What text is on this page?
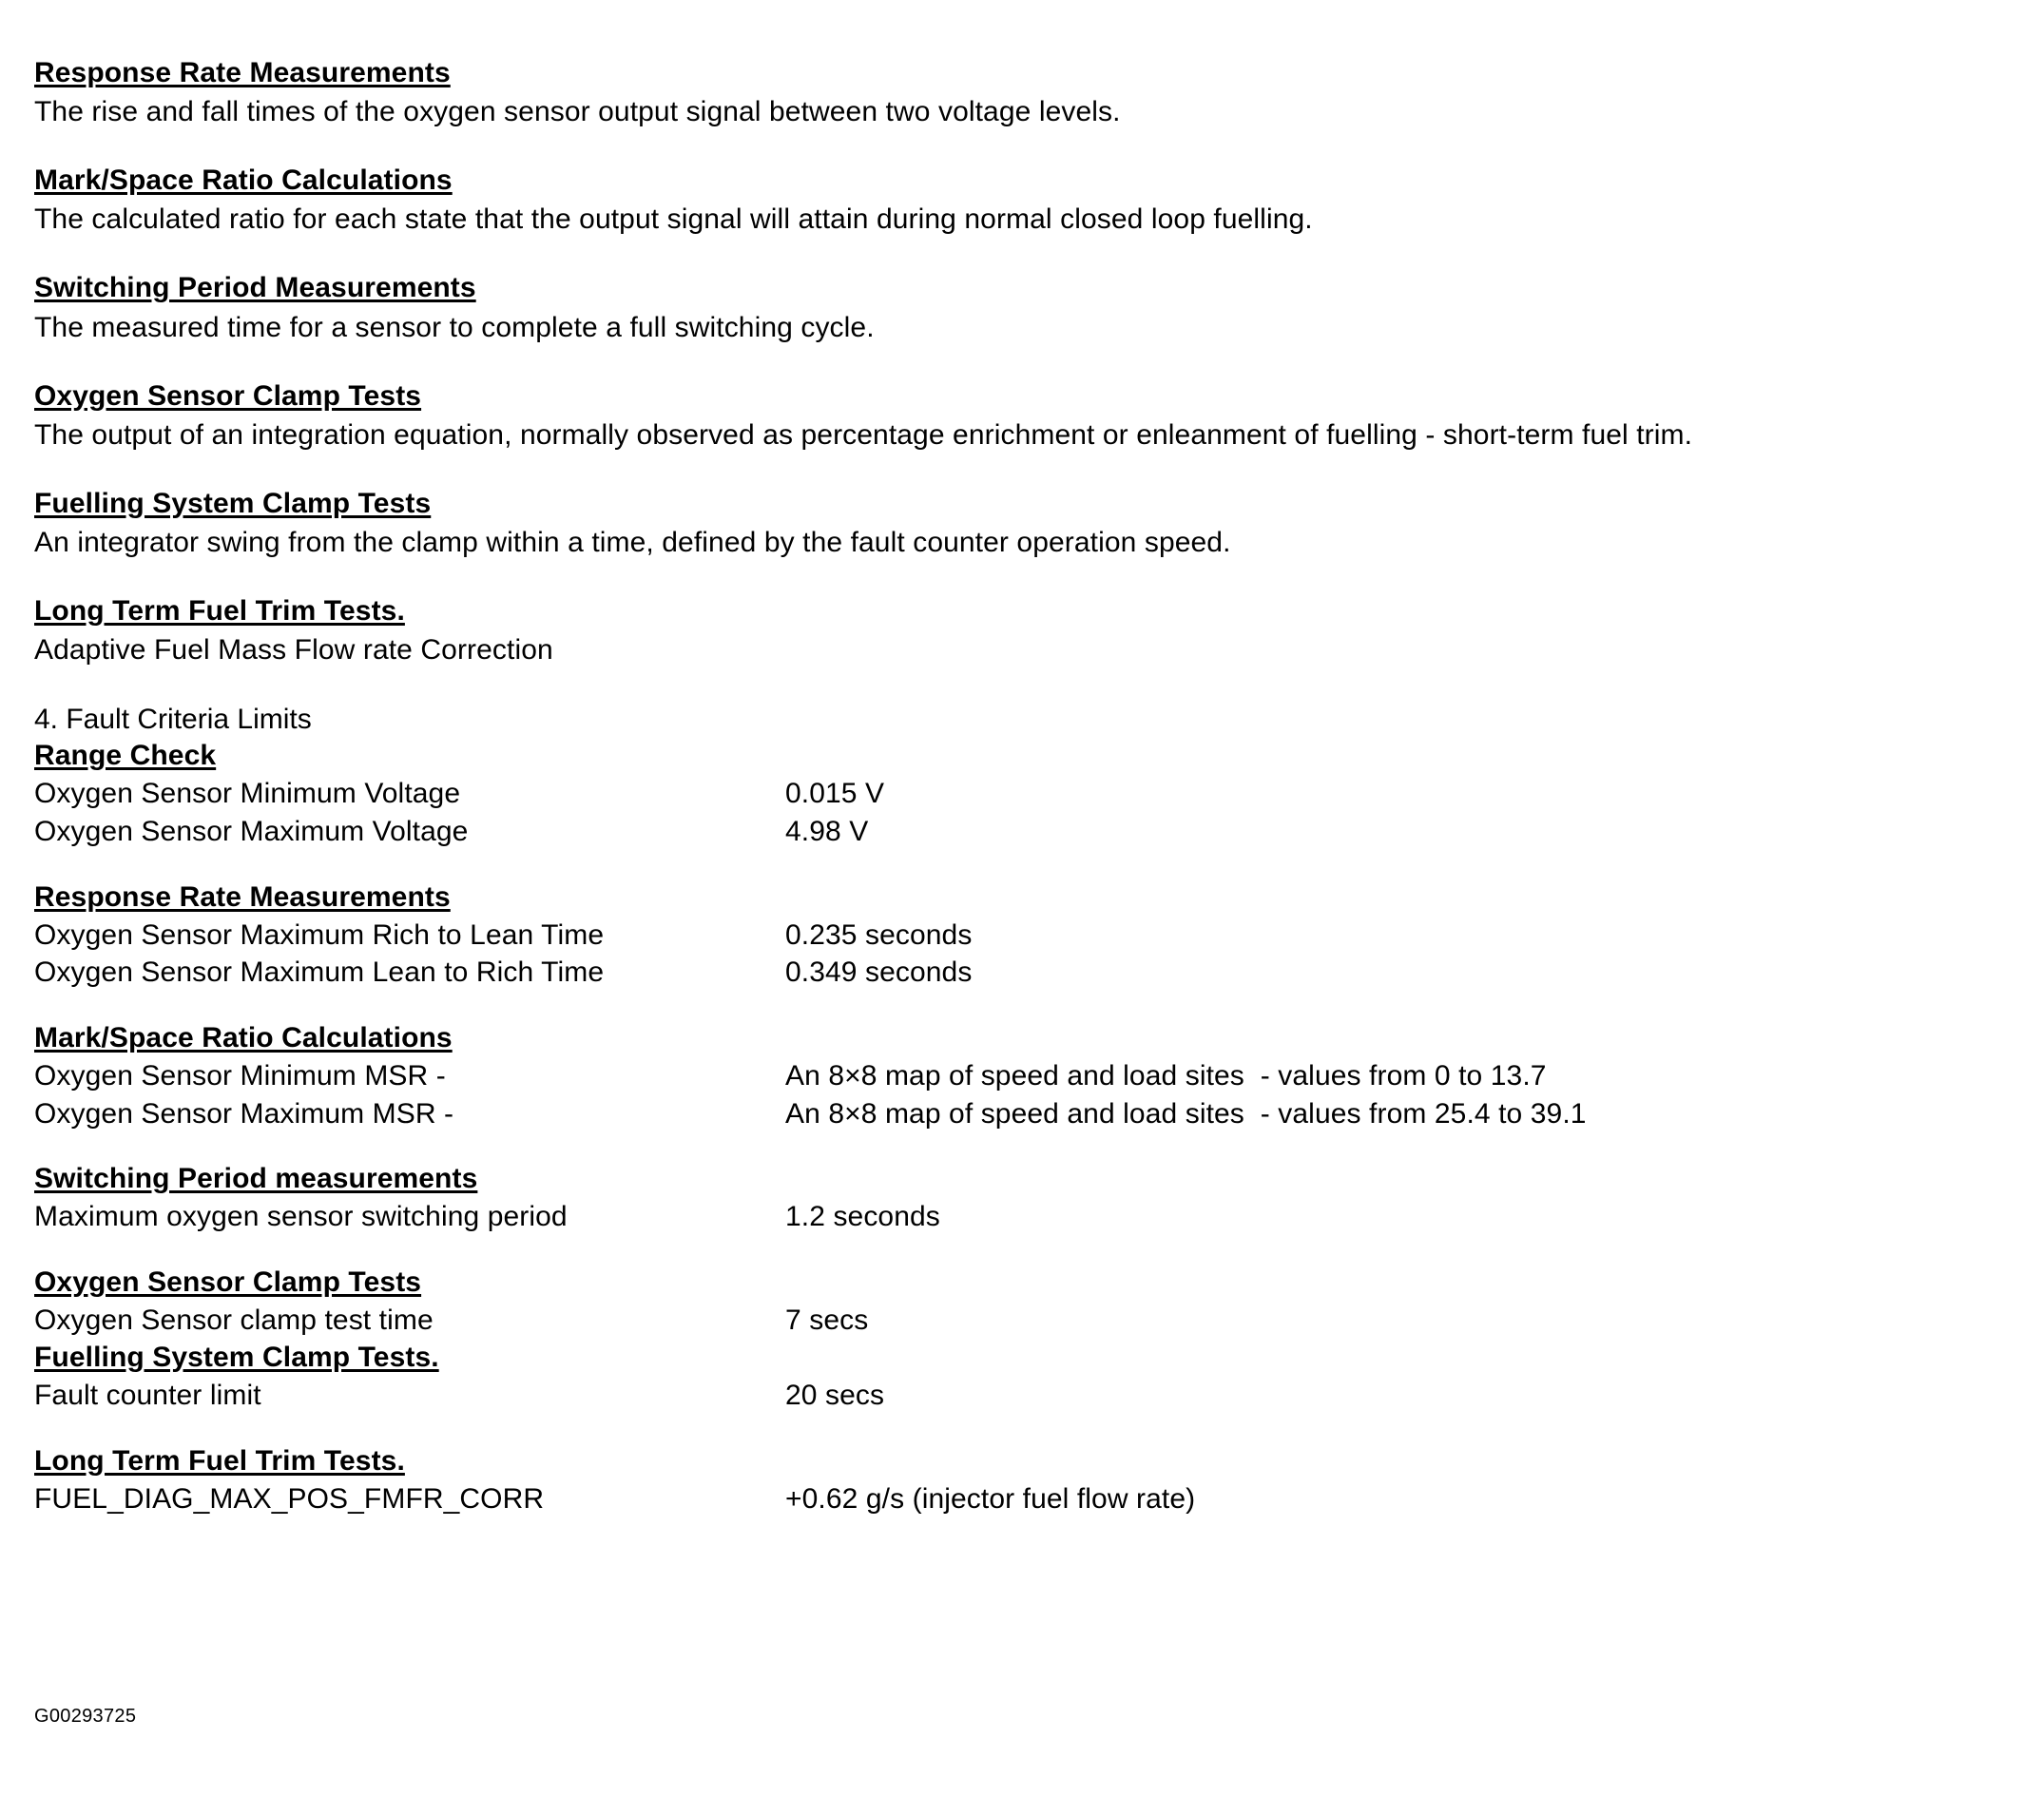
Response Rate Measurements
The rise and fall times of the oxygen sensor output signal between two voltage levels.
Mark/Space Ratio Calculations
The calculated ratio for each state that the output signal will attain during normal closed loop fuelling.
Switching Period Measurements
The measured time for a sensor to complete a full switching cycle.
Oxygen Sensor Clamp Tests
The output of an integration equation, normally observed as percentage enrichment or enleanment of fuelling - short-term fuel trim.
Fuelling System Clamp Tests
An integrator swing from the clamp within a time, defined by the fault counter operation speed.
Long Term Fuel Trim Tests.
Adaptive Fuel Mass Flow rate Correction
4. Fault Criteria Limits
Range Check
Oxygen Sensor Minimum Voltage	0.015 V
Oxygen Sensor Maximum Voltage	4.98 V
Response Rate Measurements
Oxygen Sensor Maximum Rich to Lean Time	0.235 seconds
Oxygen Sensor Maximum Lean to Rich Time	0.349 seconds
Mark/Space Ratio Calculations
Oxygen Sensor Minimum MSR -	An 8×8 map of speed and load sites  - values from 0 to 13.7
Oxygen Sensor Maximum MSR -	An 8×8 map of speed and load sites  - values from 25.4 to 39.1
Switching Period measurements
Maximum oxygen sensor switching period	1.2 seconds
Oxygen Sensor Clamp Tests
Oxygen Sensor clamp test time	7 secs
Fuelling System Clamp Tests.
Fault counter limit	20 secs
Long Term Fuel Trim Tests.
FUEL_DIAG_MAX_POS_FMFR_CORR	+0.62 g/s (injector fuel flow rate)
G00293725
